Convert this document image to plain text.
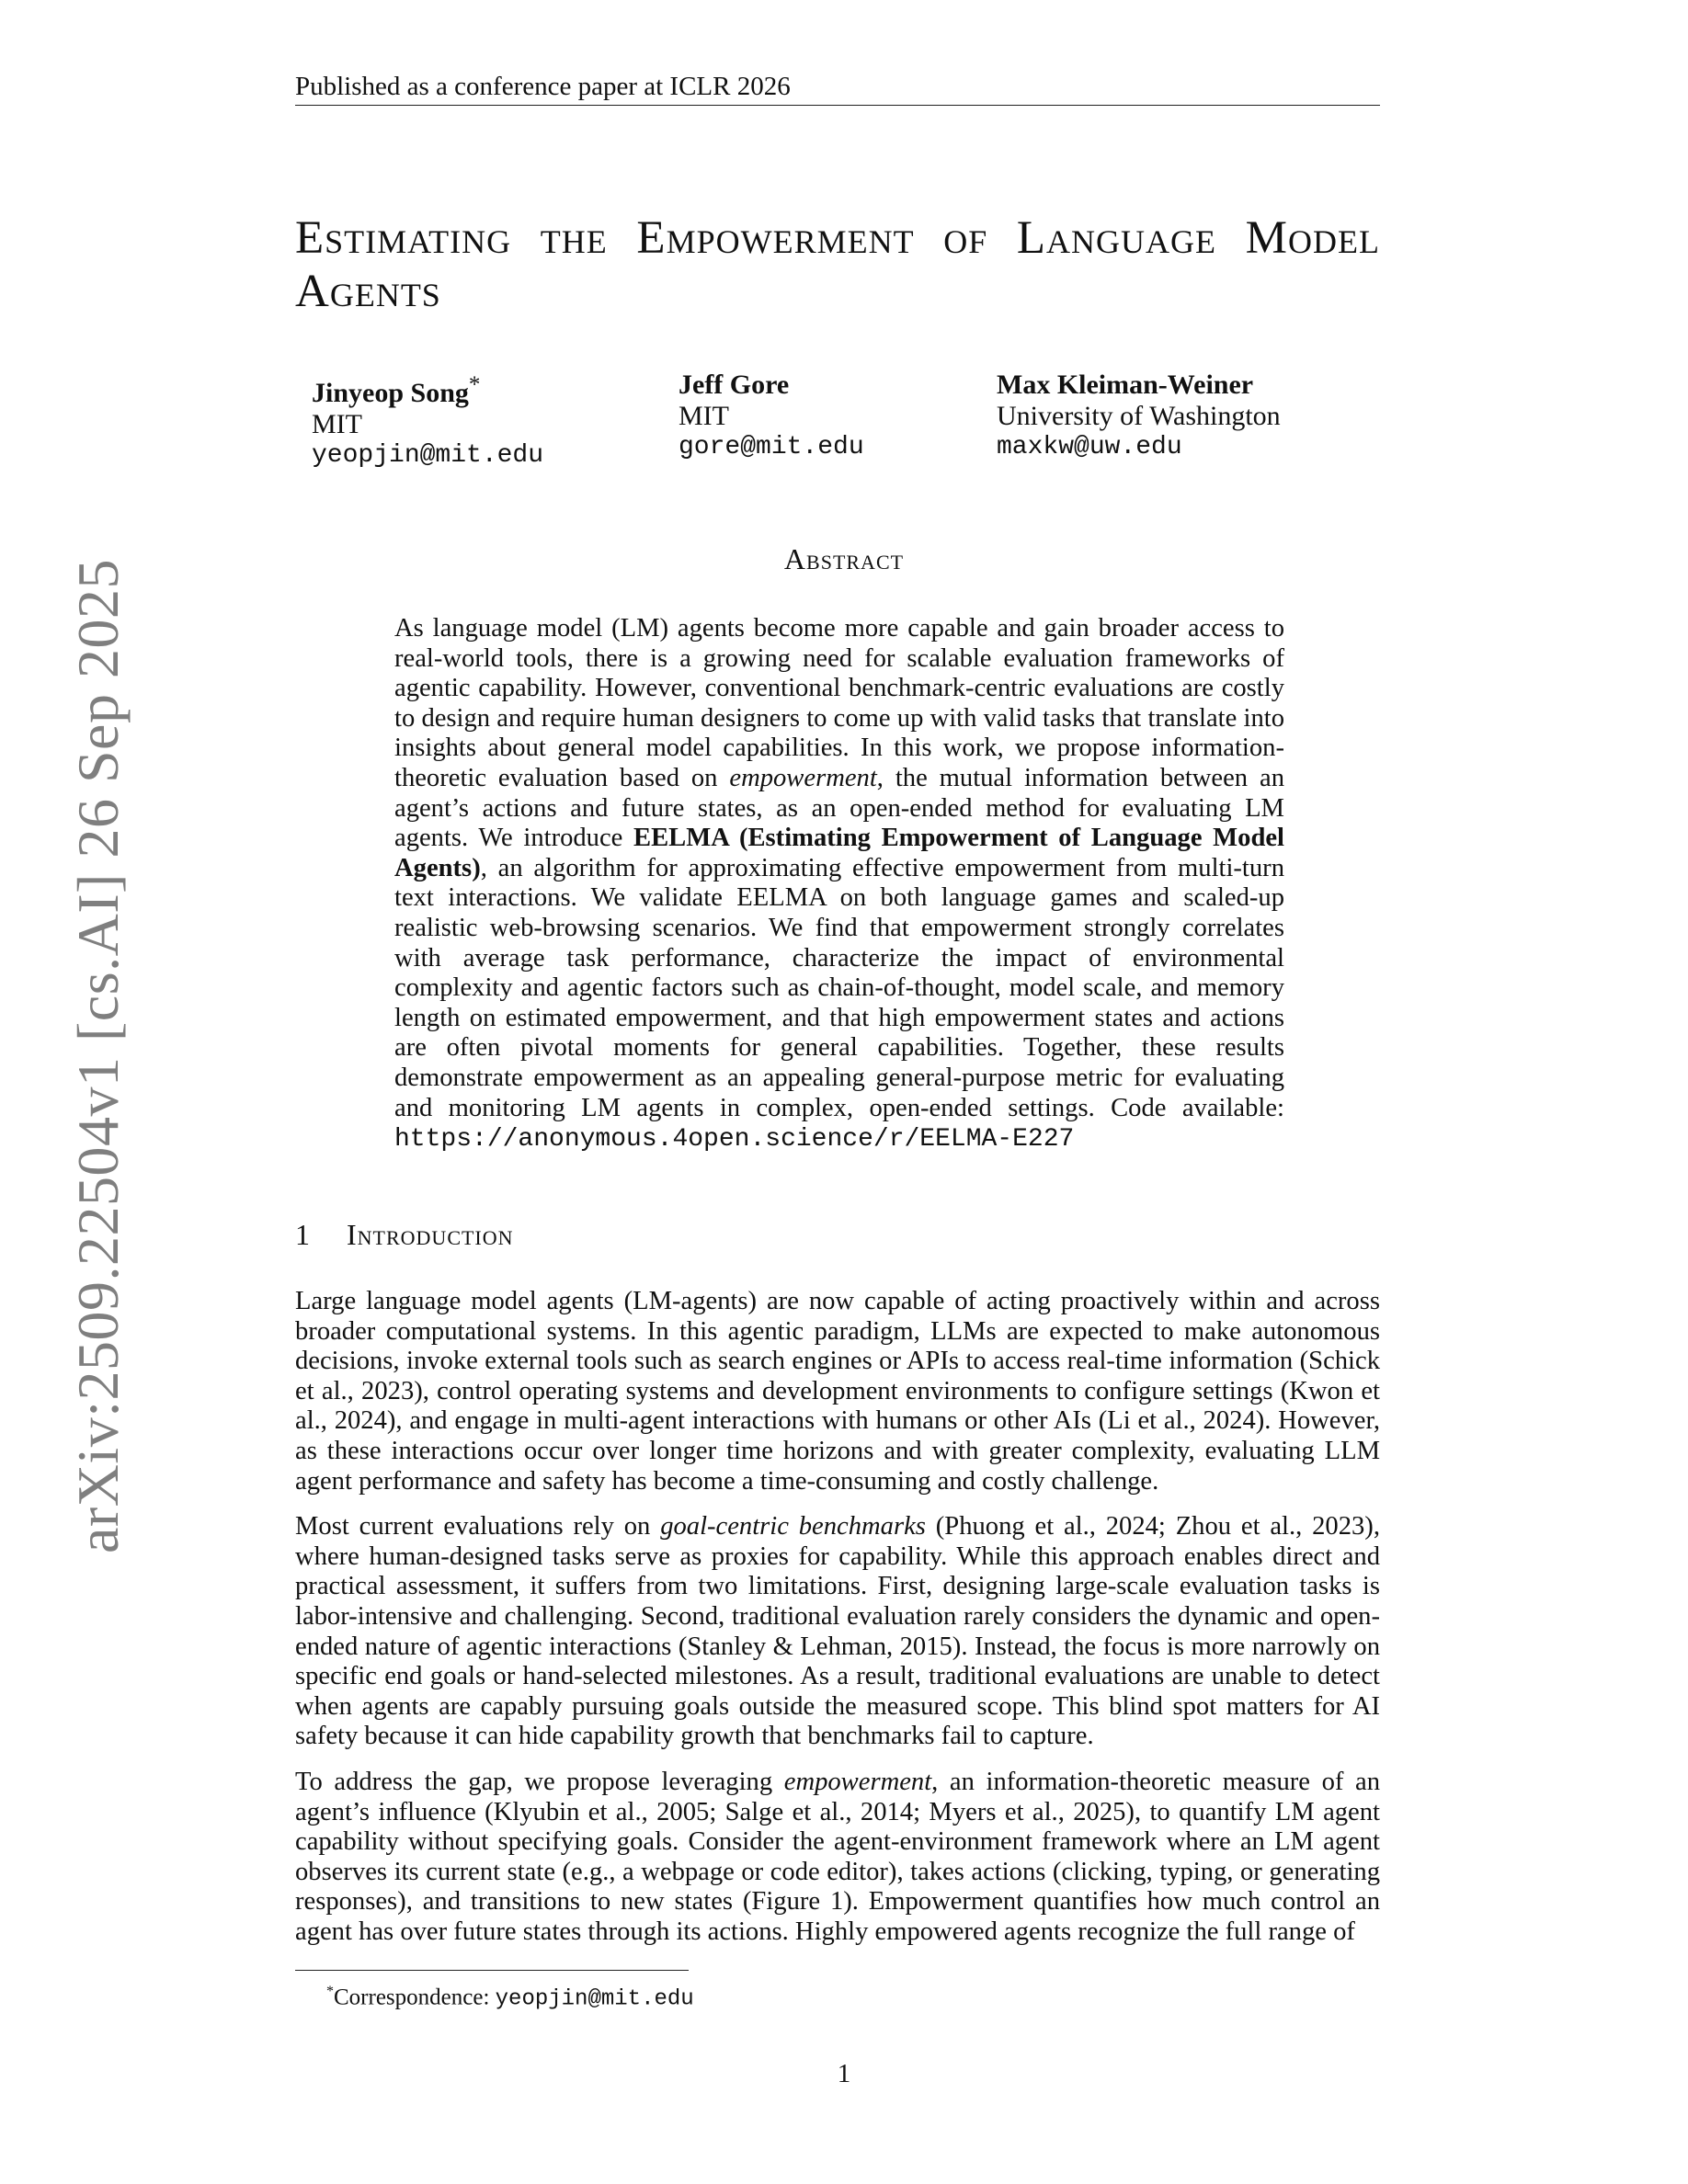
Published as a conference paper at ICLR 2026
Estimating the Empowerment of Language Model Agents
Jinyeop Song*
MIT
yeopjin@mit.edu
Jeff Gore
MIT
gore@mit.edu
Max Kleiman-Weiner
University of Washington
maxkw@uw.edu
Abstract
As language model (LM) agents become more capable and gain broader access to real-world tools, there is a growing need for scalable evaluation frameworks of agentic capability. However, conventional benchmark-centric evaluations are costly to design and require human designers to come up with valid tasks that translate into insights about general model capabilities. In this work, we propose information-theoretic evaluation based on empowerment, the mutual information between an agent’s actions and future states, as an open-ended method for evaluating LM agents. We introduce EELMA (Estimating Empowerment of Language Model Agents), an algorithm for approximating effective empowerment from multi-turn text interactions. We validate EELMA on both language games and scaled-up realistic web-browsing scenarios. We find that empowerment strongly correlates with average task performance, characterize the impact of environmental complexity and agentic factors such as chain-of-thought, model scale, and memory length on estimated empowerment, and that high empowerment states and actions are often pivotal moments for general capabilities. Together, these results demonstrate empowerment as an appealing general-purpose metric for evaluating and monitoring LM agents in complex, open-ended settings. Code available: https://anonymous.4open.science/r/EELMA-E227
1 Introduction

Large language model agents (LM-agents) are now capable of acting proactively within and across broader computational systems. In this agentic paradigm, LLMs are expected to make autonomous decisions, invoke external tools such as search engines or APIs to access real-time information (Schick et al., 2023), control operating systems and development environments to configure settings (Kwon et al., 2024), and engage in multi-agent interactions with humans or other AIs (Li et al., 2024). However, as these interactions occur over longer time horizons and with greater complexity, evaluating LLM agent performance and safety has become a time-consuming and costly challenge.

Most current evaluations rely on goal-centric benchmarks (Phuong et al., 2024; Zhou et al., 2023), where human-designed tasks serve as proxies for capability. While this approach enables direct and practical assessment, it suffers from two limitations. First, designing large-scale evaluation tasks is labor-intensive and challenging. Second, traditional evaluation rarely considers the dynamic and open-ended nature of agentic interactions (Stanley & Lehman, 2015). Instead, the focus is more narrowly on specific end goals or hand-selected milestones. As a result, traditional evaluations are unable to detect when agents are capably pursuing goals outside the measured scope. This blind spot matters for AI safety because it can hide capability growth that benchmarks fail to capture.

To address the gap, we propose leveraging empowerment, an information-theoretic measure of an agent’s influence (Klyubin et al., 2005; Salge et al., 2014; Myers et al., 2025), to quantify LM agent capability without specifying goals. Consider the agent-environment framework where an LM agent observes its current state (e.g., a webpage or code editor), takes actions (clicking, typing, or generating responses), and transitions to new states (Figure 1). Empowerment quantifies how much control an agent has over future states through its actions. Highly empowered agents recognize the full range of

*Correspondence: yeopjin@mit.edu
1
arXiv:2509.22504v1 [cs.AI] 26 Sep 2025
